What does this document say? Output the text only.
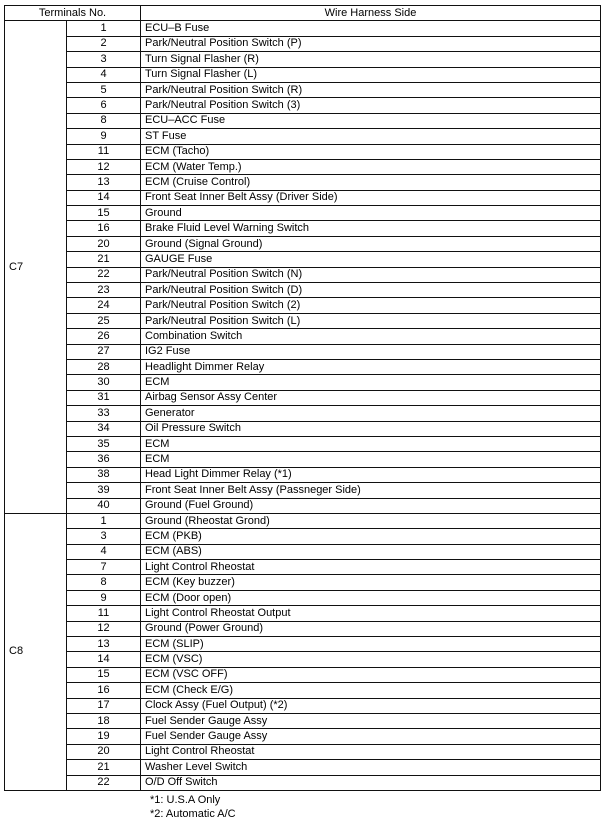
Terminals No.		Wire Harness Side
C7	1	ECU–B Fuse
	2	Park/Neutral Position Switch (P)
	3	Turn Signal Flasher (R)
	4	Turn Signal Flasher (L)
	5	Park/Neutral Position Switch (R)
	6	Park/Neutral Position Switch (3)
	8	ECU–ACC Fuse
	9	ST Fuse
	11	ECM (Tacho)
	12	ECM (Water Temp.)
	13	ECM (Cruise Control)
	14	Front Seat Inner Belt Assy (Driver Side)
	15	Ground
	16	Brake Fluid Level Warning Switch
	20	Ground (Signal Ground)
	21	GAUGE Fuse
	22	Park/Neutral Position Switch (N)
	23	Park/Neutral Position Switch (D)
	24	Park/Neutral Position Switch (2)
	25	Park/Neutral Position Switch (L)
	26	Combination Switch
	27	IG2 Fuse
	28	Headlight Dimmer Relay
	30	ECM
	31	Airbag Sensor Assy Center
	33	Generator
	34	Oil Pressure Switch
	35	ECM
	36	ECM
	38	Head Light Dimmer Relay (*1)
	39	Front Seat Inner Belt Assy (Passneger Side)
	40	Ground (Fuel Ground)
C8	1	Ground (Rheostat Grond)
	3	ECM (PKB)
	4	ECM (ABS)
	7	Light Control Rheostat
	8	ECM (Key buzzer)
	9	ECM (Door open)
	11	Light Control Rheostat Output
	12	Ground (Power Ground)
	13	ECM (SLIP)
	14	ECM (VSC)
	15	ECM (VSC OFF)
	16	ECM (Check E/G)
	17	Clock Assy (Fuel Output) (*2)
	18	Fuel Sender Gauge Assy
	19	Fuel Sender Gauge Assy
	20	Light Control Rheostat
	21	Washer Level Switch
	22	O/D Off Switch
*1: U.S.A Only
*2: Automatic A/C
